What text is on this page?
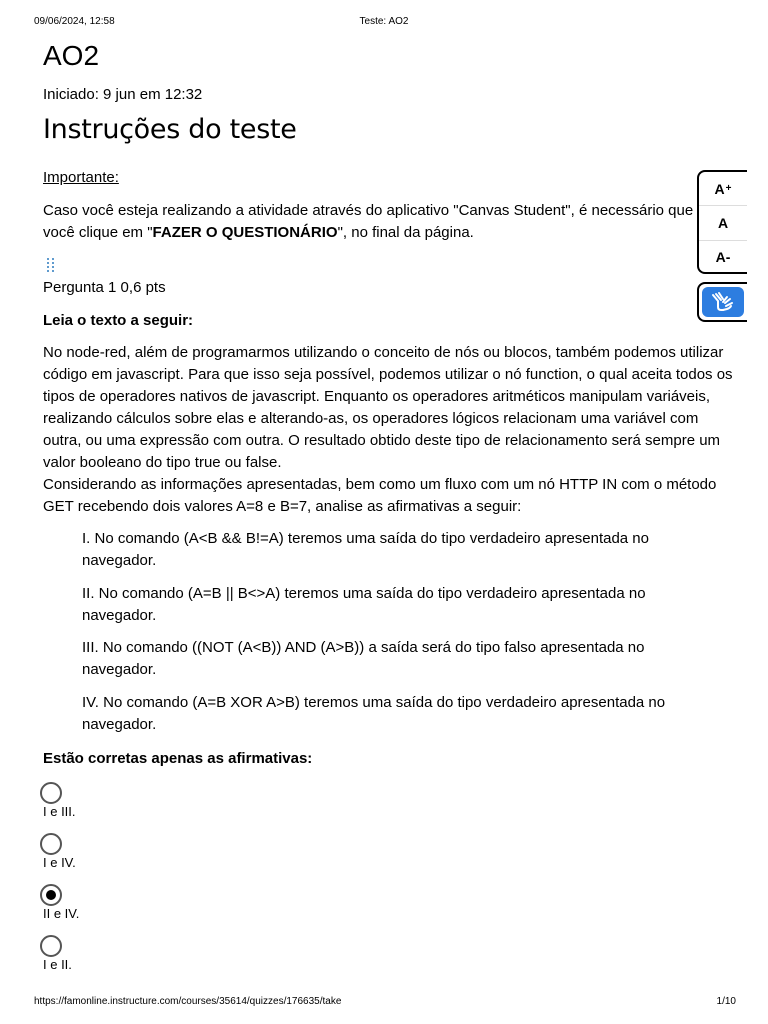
09/06/2024, 12:58	Teste: AO2
AO2
Iniciado: 9 jun em 12:32
Instruções do teste
Importante:
Caso você esteja realizando a atividade através do aplicativo "Canvas Student", é necessário que
você clique em "FAZER O QUESTIONÁRIO", no final da página.
Pergunta 1 0,6 pts
Leia o texto a seguir:

No node-red, além de programarmos utilizando o conceito de nós ou blocos, também podemos utilizar código em javascript. Para que isso seja possível, podemos utilizar o nó function, o qual aceita todos os tipos de operadores nativos de javascript. Enquanto os operadores aritméticos manipulam variáveis, realizando cálculos sobre elas e alterando-as, os operadores lógicos relacionam uma variável com outra, ou uma expressão com outra. O resultado obtido deste tipo de relacionamento será sempre um valor booleano do tipo true ou false.

Considerando as informações apresentadas, bem como um fluxo com um nó HTTP IN com o método GET recebendo dois valores A=8 e B=7, analise as afirmativas a seguir:

I. No comando (A<B && B!=A) teremos uma saída do tipo verdadeiro apresentada no navegador.
II. No comando (A=B || B<>A) teremos uma saída do tipo verdadeiro apresentada no navegador.
III. No comando ((NOT (A<B)) AND (A>B)) a saída será do tipo falso apresentada no navegador.
IV. No comando (A=B XOR A>B) teremos uma saída do tipo verdadeiro apresentada no navegador.
Estão corretas apenas as afirmativas:
I e III.
I e IV.
II e IV.
I e II.
A +
A
A-
https://famonline.instructure.com/courses/35614/quizzes/176635/take	1/10
